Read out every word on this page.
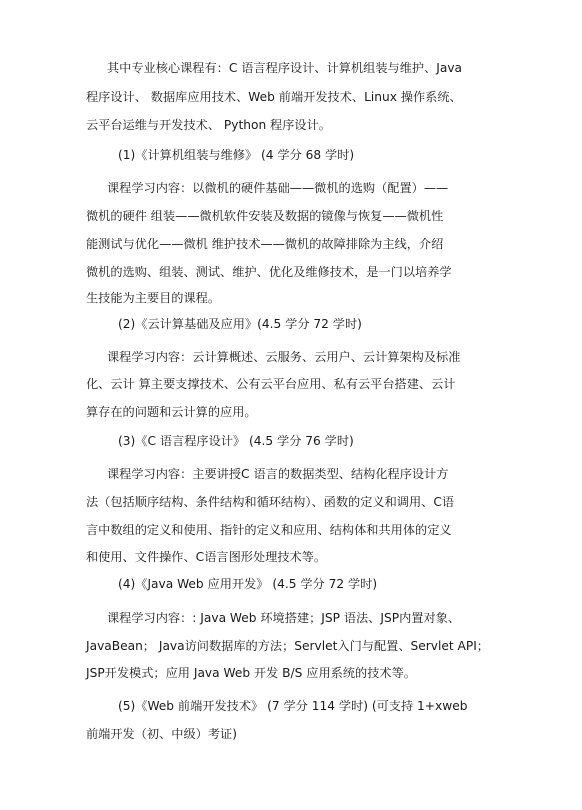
其中专业核心课程有：C 语言程序设计、计算机组装与维护、Java
程序设计、 数据库应用技术、Web 前端开发技术、Linux 操作系统、
云平台运维与开发技术、 Python 程序设计。
(1)《计算机组装与维修》 (4 学分 68 学时)
课程学习内容：以微机的硬件基础——微机的选购（配置）——
微机的硬件 组装——微机软件安装及数据的镜像与恢复——微机性
能测试与优化——微机 维护技术——微机的故障排除为主线，介绍
微机的选购、组装、测试、维护、优化及维修技术，是一门以培养学
生技能为主要目的课程。
(2)《云计算基础及应用》(4.5 学分 72 学时)
课程学习内容：云计算概述、云服务、云用户、云计算架构及标准
化、云计 算主要支撑技术、公有云平台应用、私有云平台搭建、云计
算存在的问题和云计算的应用。
(3)《C 语言程序设计》 (4.5 学分 76 学时)
课程学习内容：主要讲授C 语言的数据类型、结构化程序设计方
法（包括顺序结构、条件结构和循环结构）、函数的定义和调用、C语
言中数组的定义和使用、指针的定义和应用、结构体和共用体的定义
和使用、文件操作、C语言图形处理技术等。
(4)《Java Web 应用开发》 (4.5 学分 72 学时)
课程学习内容：: Java Web 环境搭建；JSP 语法、JSP内置对象、
JavaBean； Java访问数据库的方法；Servlet入门与配置、Servlet API；
JSP开发模式；应用 Java Web 开发 B/S 应用系统的技术等。
(5)《Web 前端开发技术》 (7 学分 114 学时) (可支持 1+xweb
前端开发（初、中级）考证)
